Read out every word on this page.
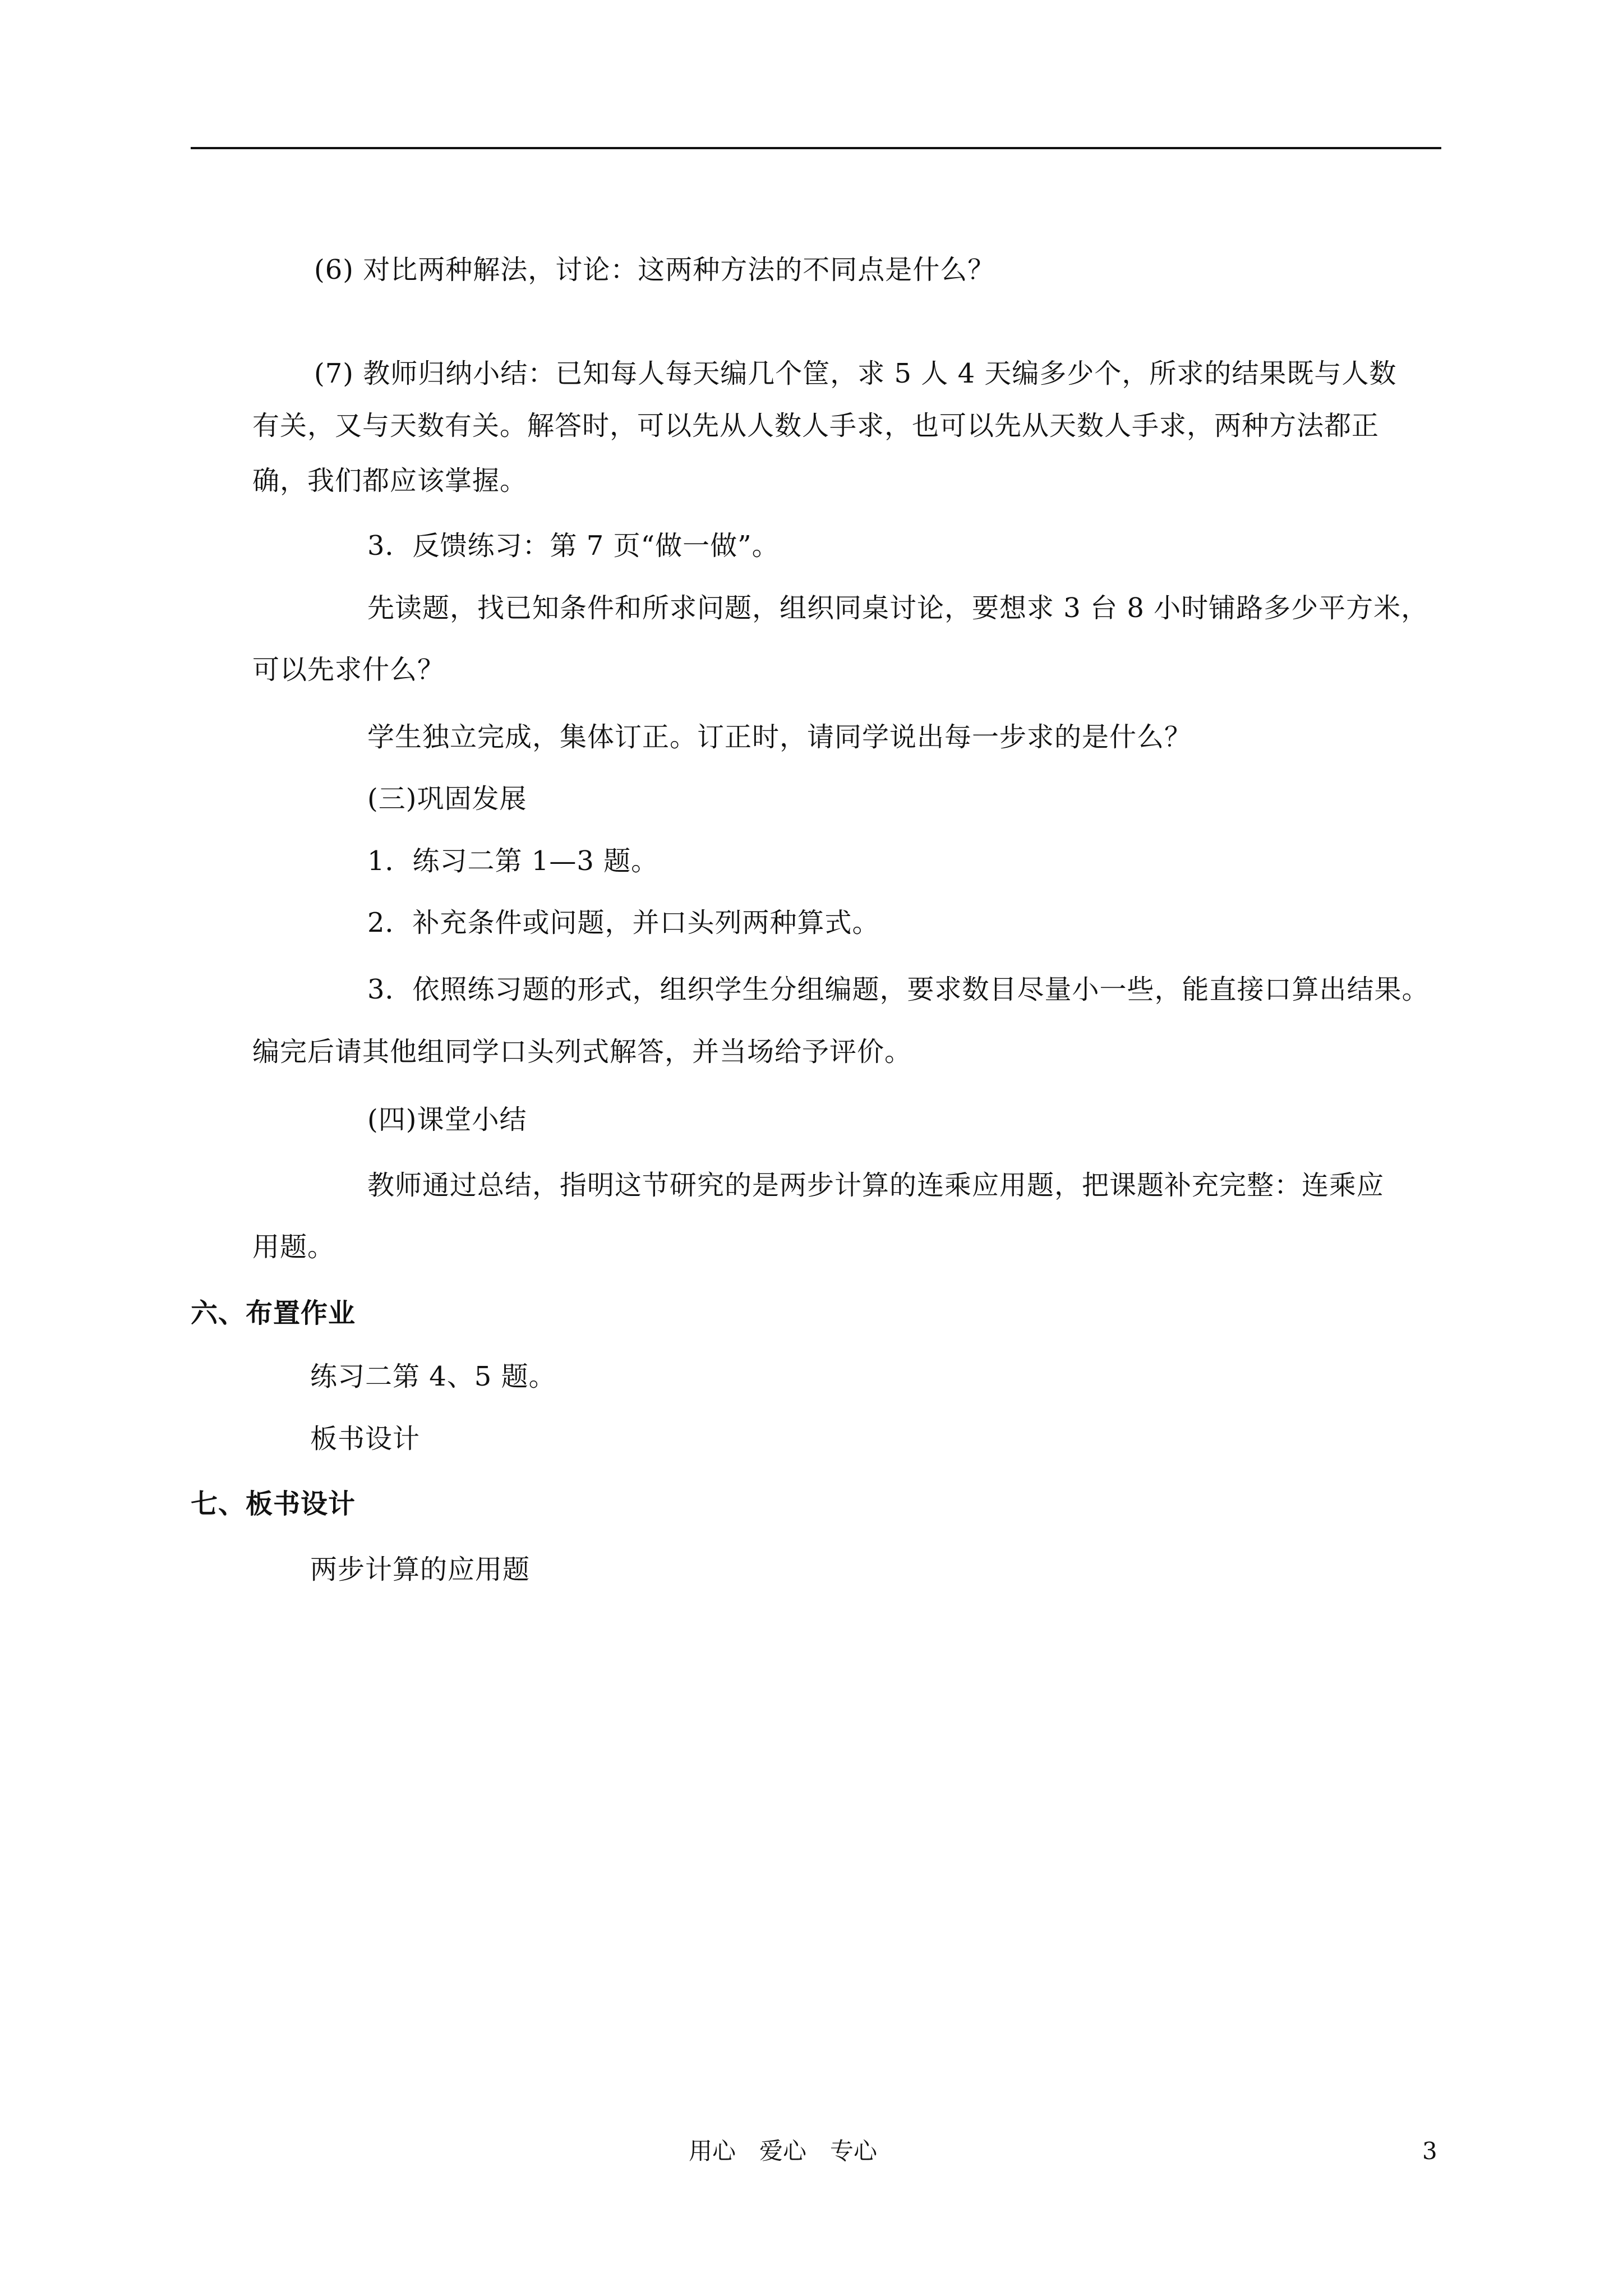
(6) 对比两种解法，讨论：这两种方法的不同点是什么？
(7) 教师归纳小结：已知每人每天编几个筐，求 5 人 4 天编多少个，所求的结果既与人数
有关，又与天数有关。解答时，可以先从人数人手求，也可以先从天数人手求，两种方法都正
确，我们都应该掌握。
3．反馈练习：第 7 页“做一做”。
先读题，找已知条件和所求问题，组织同桌讨论，要想求 3 台 8 小时铺路多少平方米，
可以先求什么？
学生独立完成，集体订正。订正时，请同学说出每一步求的是什么？
(三)巩固发展
1．练习二第 1—3 题。
2．补充条件或问题，并口头列两种算式。
3．依照练习题的形式，组织学生分组编题，要求数目尽量小一些，能直接口算出结果。
编完后请其他组同学口头列式解答，并当场给予评价。
(四)课堂小结
教师通过总结，指明这节研究的是两步计算的连乘应用题，把课题补充完整：连乘应
用题。
六、布置作业
练习二第 4、5 题。
板书设计
七、板书设计
两步计算的应用题
用心　爱心　专心	3
